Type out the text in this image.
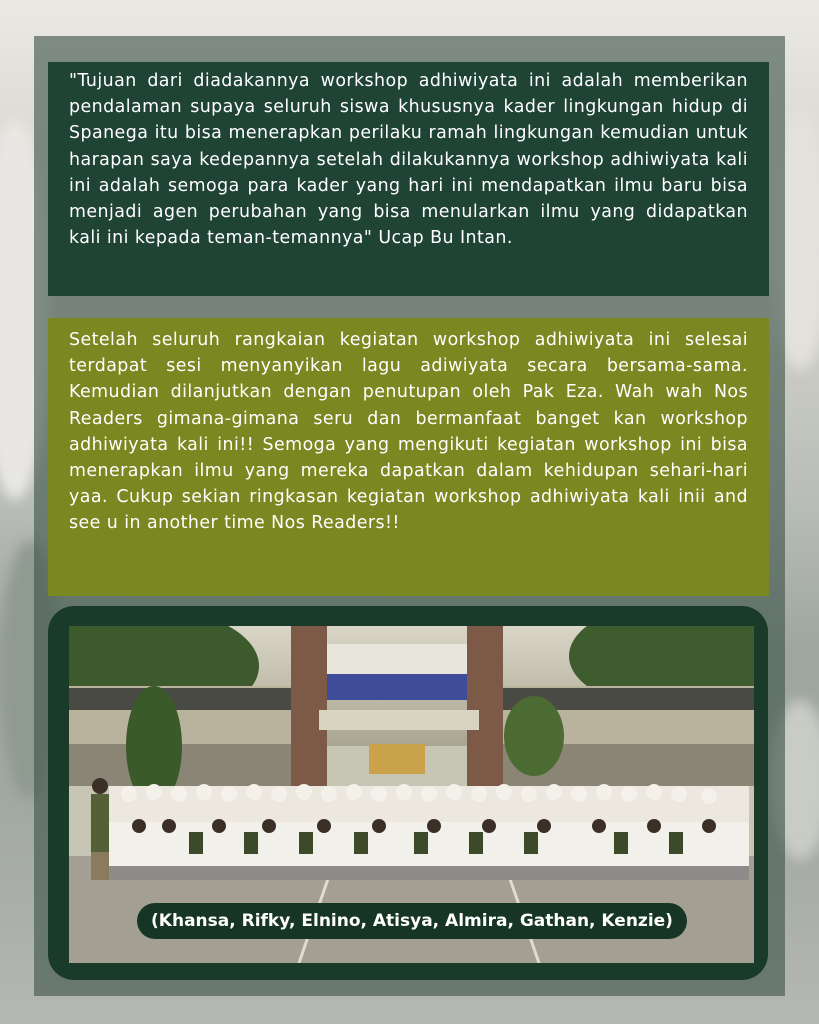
"Tujuan dari diadakannya workshop adhiwiyata ini adalah memberikan pendalaman supaya seluruh siswa khususnya kader lingkungan hidup di Spanega itu bisa menerapkan perilaku ramah lingkungan kemudian untuk harapan saya kedepannya setelah dilakukannya workshop adhiwiyata kali ini adalah semoga para kader yang hari ini mendapatkan ilmu baru bisa menjadi agen perubahan yang bisa menularkan ilmu yang didapatkan kali ini kepada teman-temannya" Ucap Bu Intan.

Setelah seluruh rangkaian kegiatan workshop adhiwiyata ini selesai terdapat sesi menyanyikan lagu adiwiyata secara bersama-sama. Kemudian dilanjutkan dengan penutupan oleh Pak Eza. Wah wah Nos Readers gimana-gimana seru dan bermanfaat banget kan workshop adhiwiyata kali ini!! Semoga yang mengikuti kegiatan workshop ini bisa menerapkan ilmu yang mereka dapatkan dalam kehidupan sehari-hari yaa. Cukup sekian ringkasan kegiatan workshop adhiwiyata kali inii and see u in another time Nos Readers!!

(Khansa, Rifky, Elnino, Atisya, Almira, Gathan, Kenzie)
